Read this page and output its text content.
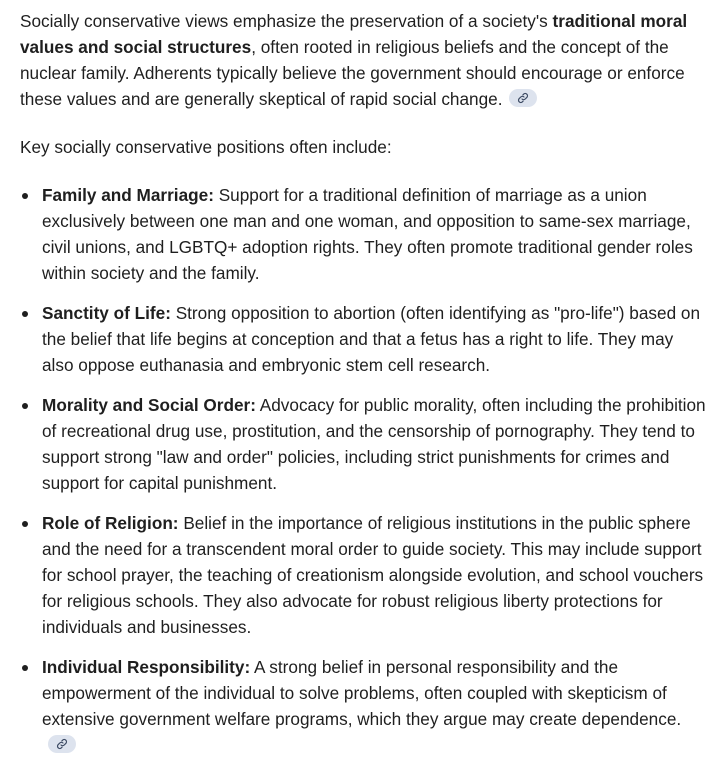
Socially conservative views emphasize the preservation of a society's traditional moral values and social structures, often rooted in religious beliefs and the concept of the nuclear family. Adherents typically believe the government should encourage or enforce these values and are generally skeptical of rapid social change.

Key socially conservative positions often include:

Family and Marriage: Support for a traditional definition of marriage as a union exclusively between one man and one woman, and opposition to same-sex marriage, civil unions, and LGBTQ+ adoption rights. They often promote traditional gender roles within society and the family.
Sanctity of Life: Strong opposition to abortion (often identifying as "pro-life") based on the belief that life begins at conception and that a fetus has a right to life. They may also oppose euthanasia and embryonic stem cell research.
Morality and Social Order: Advocacy for public morality, often including the prohibition of recreational drug use, prostitution, and the censorship of pornography. They tend to support strong "law and order" policies, including strict punishments for crimes and support for capital punishment.
Role of Religion: Belief in the importance of religious institutions in the public sphere and the need for a transcendent moral order to guide society. This may include support for school prayer, the teaching of creationism alongside evolution, and school vouchers for religious schools. They also advocate for robust religious liberty protections for individuals and businesses.
Individual Responsibility: A strong belief in personal responsibility and the empowerment of the individual to solve problems, often coupled with skepticism of extensive government welfare programs, which they argue may create dependence.
